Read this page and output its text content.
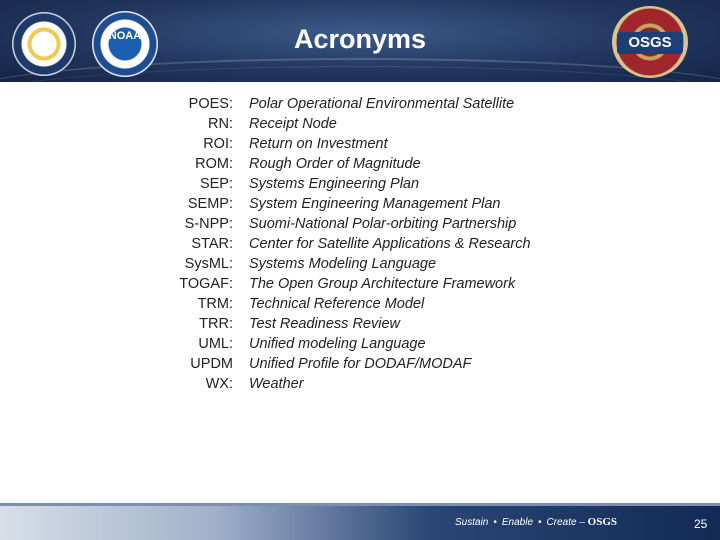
NOAA	OSGS
Acronyms
POES: Polar Operational Environmental Satellite
RN: Receipt Node
ROI: Return on Investment
ROM: Rough Order of Magnitude
SEP: Systems Engineering Plan
SEMP: System Engineering Management Plan
S-NPP: Suomi-National Polar-orbiting Partnership
STAR: Center for Satellite Applications & Research
SysML: Systems Modeling Language
TOGAF: The Open Group Architecture Framework
TRM: Technical Reference Model
TRR: Test Readiness Review
UML: Unified modeling Language
UPDM Unified Profile for DODAF/MODAF
WX: Weather
Sustain • Enable • Create – OSGS	25
